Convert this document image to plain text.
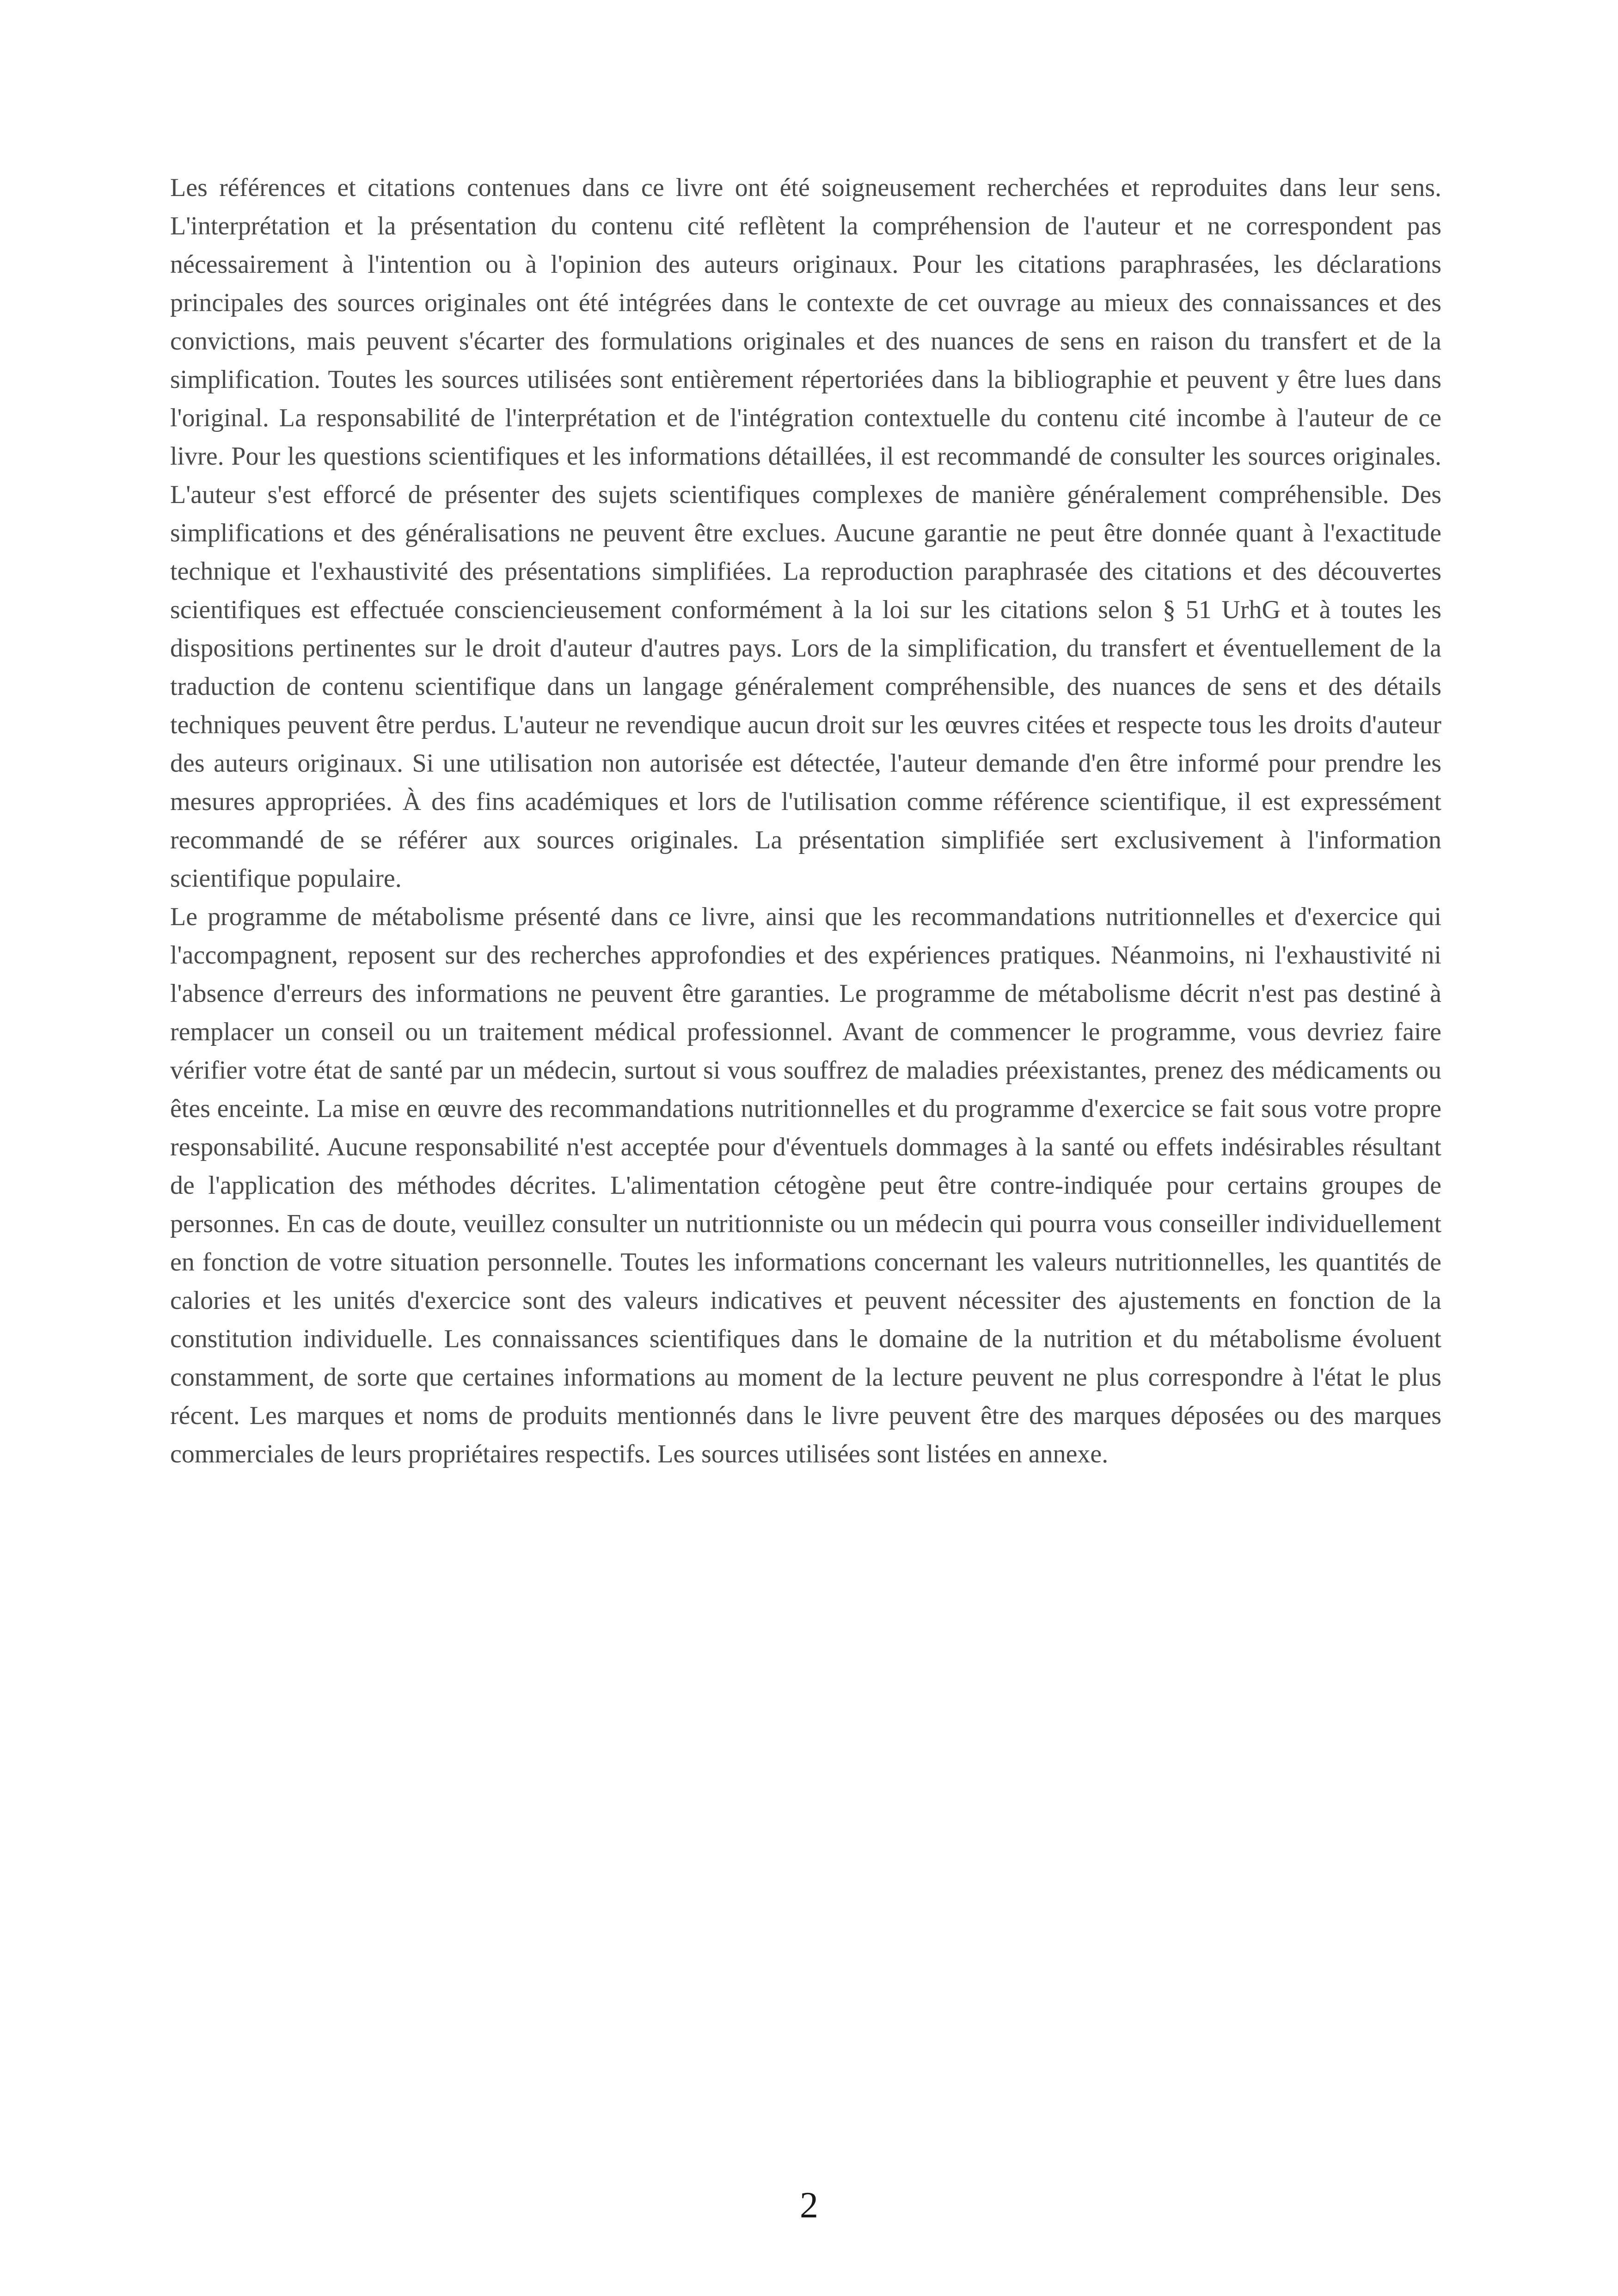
Les références et citations contenues dans ce livre ont été soigneusement recherchées et reproduites dans leur sens. L'interprétation et la présentation du contenu cité reflètent la compréhension de l'auteur et ne correspondent pas nécessairement à l'intention ou à l'opinion des auteurs originaux. Pour les citations paraphrasées, les déclarations principales des sources originales ont été intégrées dans le contexte de cet ouvrage au mieux des connaissances et des convictions, mais peuvent s'écarter des formulations originales et des nuances de sens en raison du transfert et de la simplification. Toutes les sources utilisées sont entièrement répertoriées dans la bibliographie et peuvent y être lues dans l'original. La responsabilité de l'interprétation et de l'intégration contextuelle du contenu cité incombe à l'auteur de ce livre. Pour les questions scientifiques et les informations détaillées, il est recommandé de consulter les sources originales. L'auteur s'est efforcé de présenter des sujets scientifiques complexes de manière généralement compréhensible. Des simplifications et des généralisations ne peuvent être exclues. Aucune garantie ne peut être donnée quant à l'exactitude technique et l'exhaustivité des présentations simplifiées. La reproduction paraphrasée des citations et des découvertes scientifiques est effectuée consciencieusement conformément à la loi sur les citations selon § 51 UrhG et à toutes les dispositions pertinentes sur le droit d'auteur d'autres pays. Lors de la simplification, du transfert et éventuellement de la traduction de contenu scientifique dans un langage généralement compréhensible, des nuances de sens et des détails techniques peuvent être perdus. L'auteur ne revendique aucun droit sur les œuvres citées et respecte tous les droits d'auteur des auteurs originaux. Si une utilisation non autorisée est détectée, l'auteur demande d'en être informé pour prendre les mesures appropriées. À des fins académiques et lors de l'utilisation comme référence scientifique, il est expressément recommandé de se référer aux sources originales. La présentation simplifiée sert exclusivement à l'information scientifique populaire.

Le programme de métabolisme présenté dans ce livre, ainsi que les recommandations nutritionnelles et d'exercice qui l'accompagnent, reposent sur des recherches approfondies et des expériences pratiques. Néanmoins, ni l'exhaustivité ni l'absence d'erreurs des informations ne peuvent être garanties. Le programme de métabolisme décrit n'est pas destiné à remplacer un conseil ou un traitement médical professionnel. Avant de commencer le programme, vous devriez faire vérifier votre état de santé par un médecin, surtout si vous souffrez de maladies préexistantes, prenez des médicaments ou êtes enceinte. La mise en œuvre des recommandations nutritionnelles et du programme d'exercice se fait sous votre propre responsabilité. Aucune responsabilité n'est acceptée pour d'éventuels dommages à la santé ou effets indésirables résultant de l'application des méthodes décrites. L'alimentation cétogène peut être contre-indiquée pour certains groupes de personnes. En cas de doute, veuillez consulter un nutritionniste ou un médecin qui pourra vous conseiller individuellement en fonction de votre situation personnelle. Toutes les informations concernant les valeurs nutritionnelles, les quantités de calories et les unités d'exercice sont des valeurs indicatives et peuvent nécessiter des ajustements en fonction de la constitution individuelle. Les connaissances scientifiques dans le domaine de la nutrition et du métabolisme évoluent constamment, de sorte que certaines informations au moment de la lecture peuvent ne plus correspondre à l'état le plus récent. Les marques et noms de produits mentionnés dans le livre peuvent être des marques déposées ou des marques commerciales de leurs propriétaires respectifs. Les sources utilisées sont listées en annexe.

2
